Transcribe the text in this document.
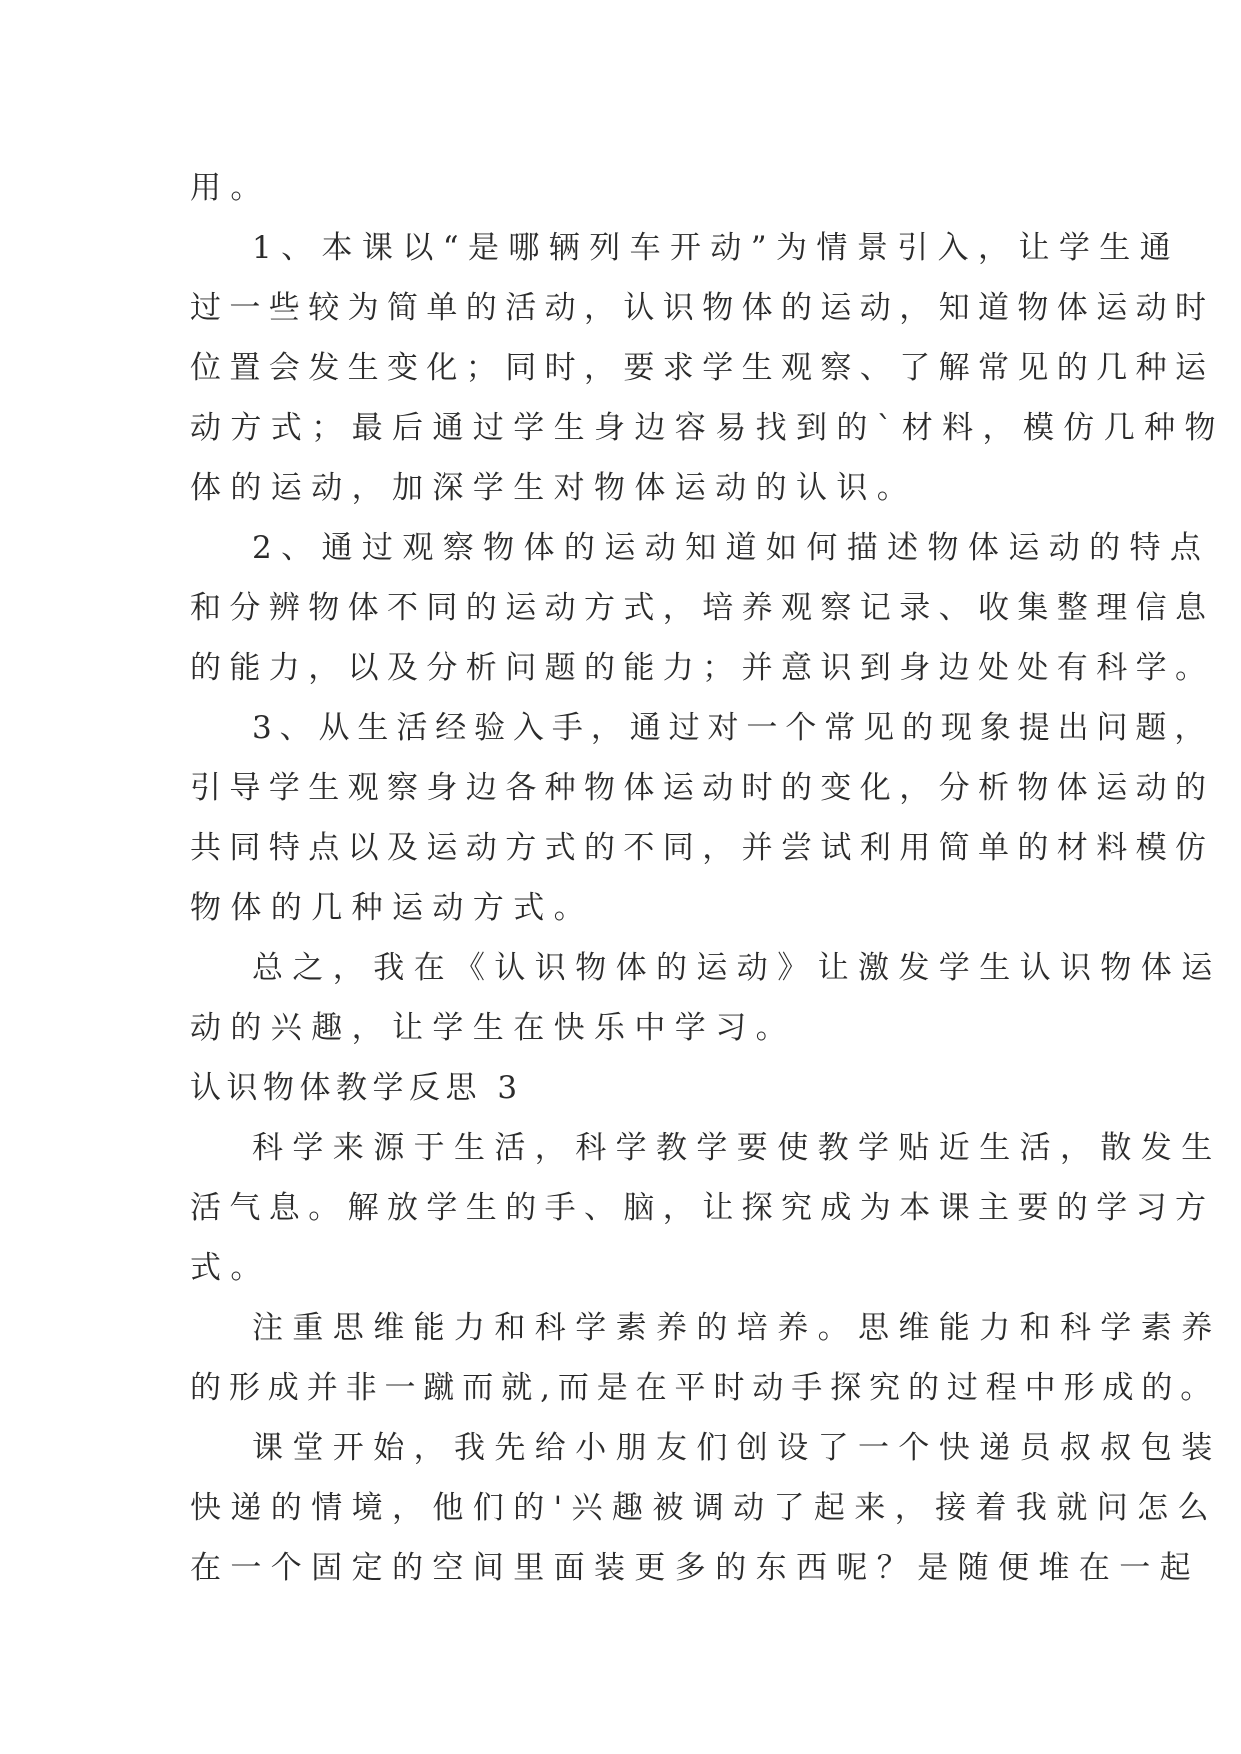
用。
1、本课以“是哪辆列车开动”为情景引入，让学生通
过一些较为简单的活动，认识物体的运动，知道物体运动时
位置会发生变化；同时，要求学生观察、了解常见的几种运
动方式；最后通过学生身边容易找到的`材料，模仿几种物
体的运动，加深学生对物体运动的认识。
2、通过观察物体的运动知道如何描述物体运动的特点
和分辨物体不同的运动方式，培养观察记录、收集整理信息
的能力，以及分析问题的能力；并意识到身边处处有科学。
3、从生活经验入手，通过对一个常见的现象提出问题，
引导学生观察身边各种物体运动时的变化，分析物体运动的
共同特点以及运动方式的不同，并尝试利用简单的材料模仿
物体的几种运动方式。
总之，我在《认识物体的运动》让激发学生认识物体运
动的兴趣，让学生在快乐中学习。
认识物体教学反思 3
科学来源于生活，科学教学要使教学贴近生活，散发生
活气息。解放学生的手、脑，让探究成为本课主要的学习方
式。
注重思维能力和科学素养的培养。思维能力和科学素养
的形成并非一蹴而就,而是在平时动手探究的过程中形成的。
课堂开始，我先给小朋友们创设了一个快递员叔叔包装
快递的情境，他们的'兴趣被调动了起来，接着我就问怎么
在一个固定的空间里面装更多的东西呢？是随便堆在一起
